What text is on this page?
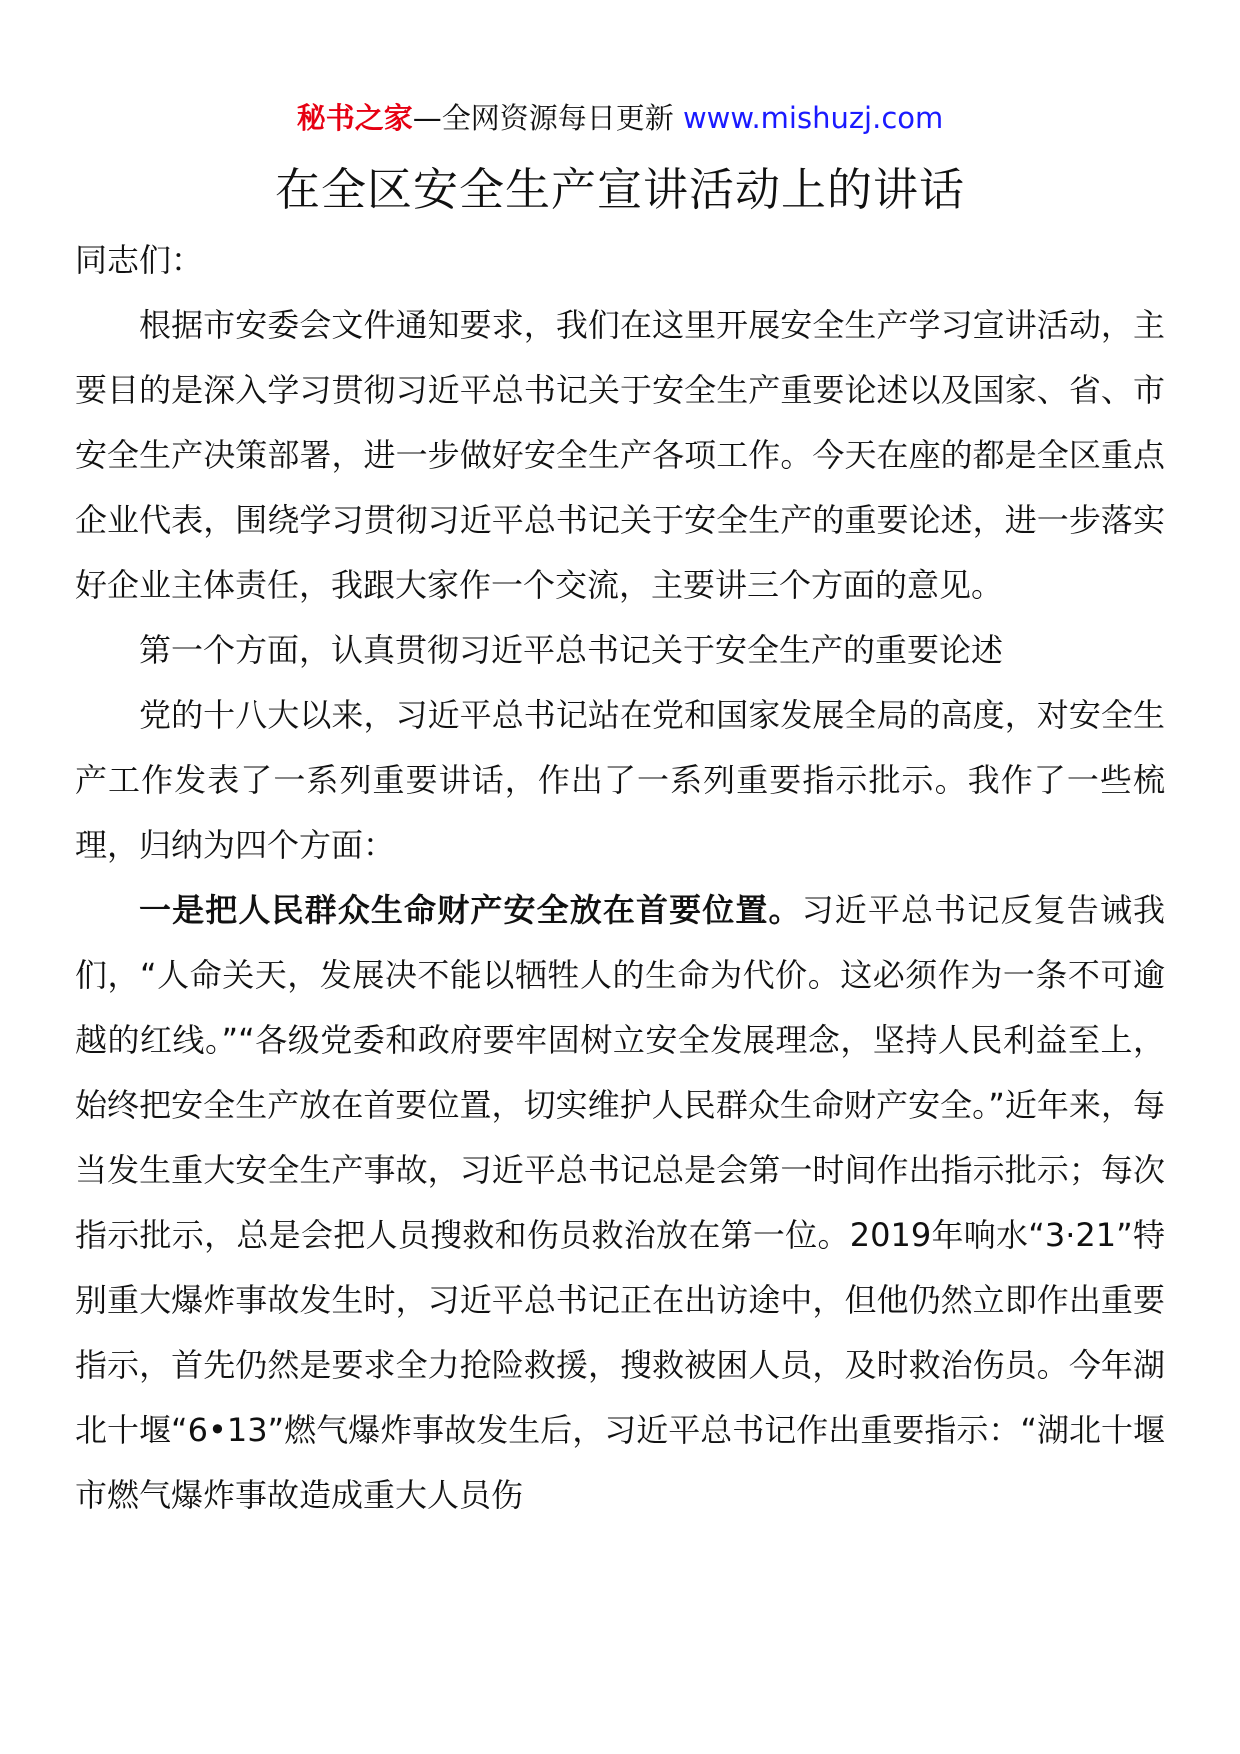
秘书之家—全网资源每日更新 www.mishuzj.com
在全区安全生产宣讲活动上的讲话

同志们：

根据市安委会文件通知要求，我们在这里开展安全生产学习宣讲活动，主要目的是深入学习贯彻习近平总书记关于安全生产重要论述以及国家、省、市安全生产决策部署，进一步做好安全生产各项工作。今天在座的都是全区重点企业代表，围绕学习贯彻习近平总书记关于安全生产的重要论述，进一步落实好企业主体责任，我跟大家作一个交流，主要讲三个方面的意见。

第一个方面，认真贯彻习近平总书记关于安全生产的重要论述

党的十八大以来，习近平总书记站在党和国家发展全局的高度，对安全生产工作发表了一系列重要讲话，作出了一系列重要指示批示。我作了一些梳理，归纳为四个方面：

一是把人民群众生命财产安全放在首要位置。习近平总书记反复告诫我们，“人命关天，发展决不能以牺牲人的生命为代价。这必须作为一条不可逾越的红线。”“各级党委和政府要牢固树立安全发展理念，坚持人民利益至上，始终把安全生产放在首要位置，切实维护人民群众生命财产安全。”近年来，每当发生重大安全生产事故，习近平总书记总是会第一时间作出指示批示；每次指示批示，总是会把人员搜救和伤员救治放在第一位。2019年响水“3·21”特别重大爆炸事故发生时，习近平总书记正在出访途中，但他仍然立即作出重要指示，首先仍然是要求全力抢险救援，搜救被困人员，及时救治伤员。今年湖北十堰“6•13”燃气爆炸事故发生后，习近平总书记作出重要指示：“湖北十堰市燃气爆炸事故造成重大人员伤
